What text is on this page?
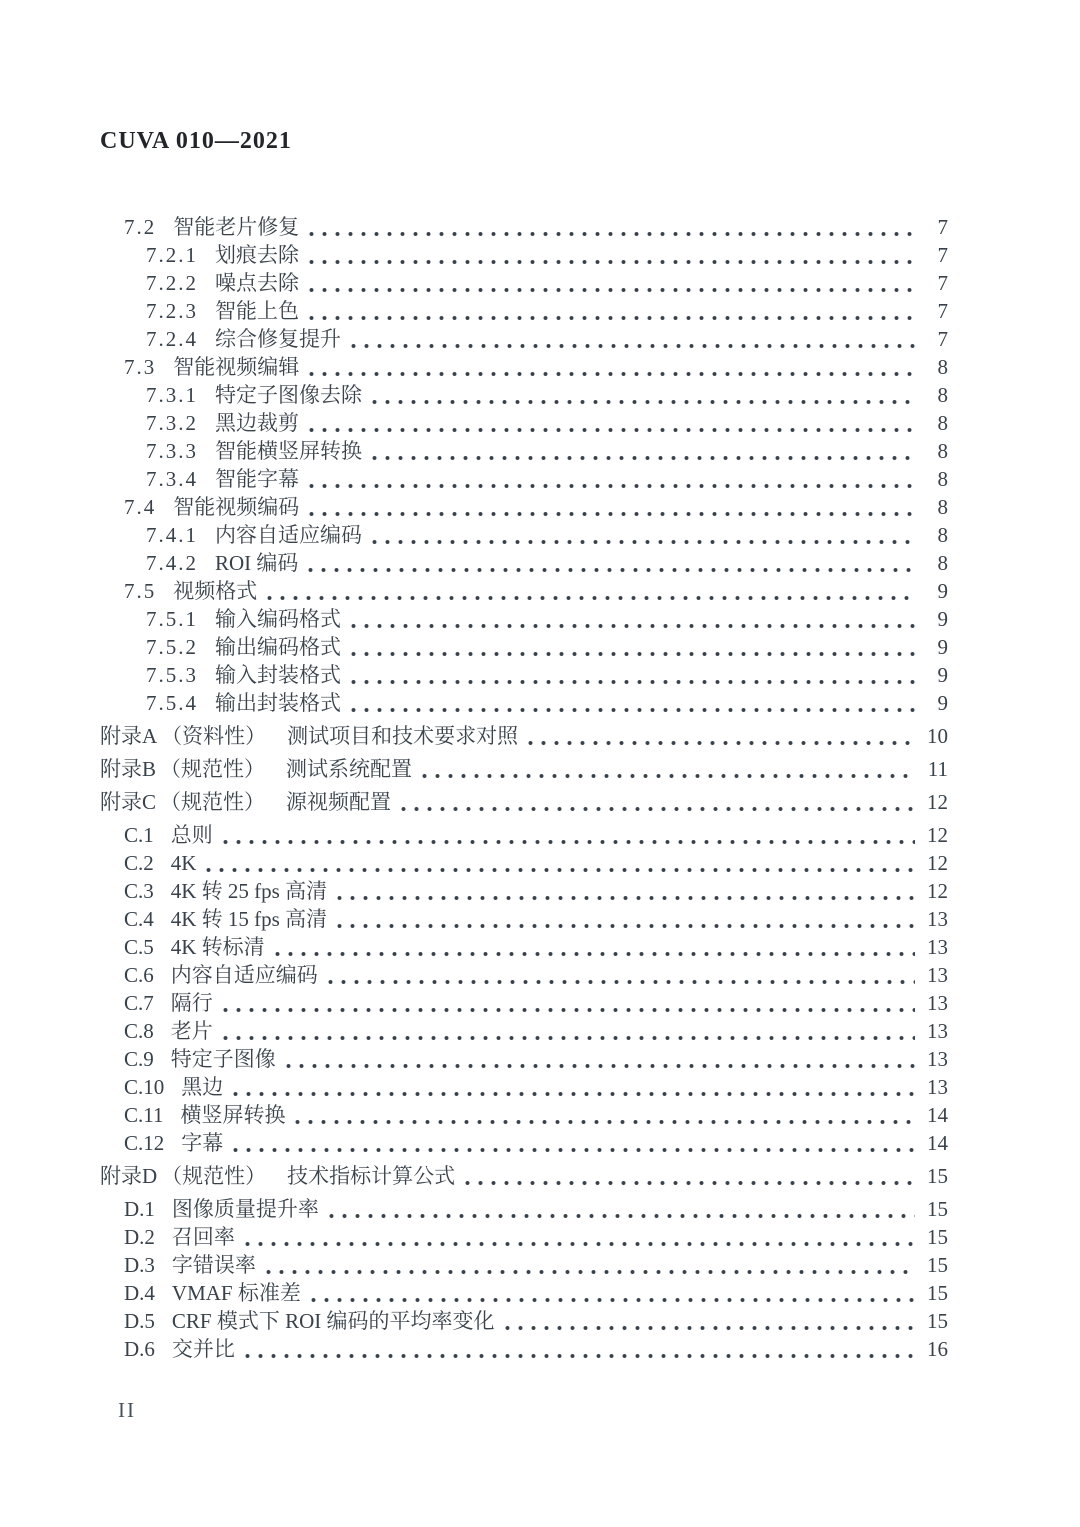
CUVA 010—2021
7.2 智能老片修复	7
7.2.1 划痕去除	7
7.2.2 噪点去除	7
7.2.3 智能上色	7
7.2.4 综合修复提升	7
7.3 智能视频编辑	8
7.3.1 特定子图像去除	8
7.3.2 黑边裁剪	8
7.3.3 智能横竖屏转换	8
7.3.4 智能字幕	8
7.4 智能视频编码	8
7.4.1 内容自适应编码	8
7.4.2 ROI 编码	8
7.5 视频格式	9
7.5.1 输入编码格式	9
7.5.2 输出编码格式	9
7.5.3 输入封装格式	9
7.5.4 输出封装格式	9
附录A （资料性） 测试项目和技术要求对照	10
附录B （规范性） 测试系统配置	11
附录C （规范性） 源视频配置	12
C.1 总则	12
C.2 4K	12
C.3 4K 转 25 fps 高清	12
C.4 4K 转 15 fps 高清	13
C.5 4K 转标清	13
C.6 内容自适应编码	13
C.7 隔行	13
C.8 老片	13
C.9 特定子图像	13
C.10 黑边	13
C.11 横竖屏转换	14
C.12 字幕	14
附录D （规范性） 技术指标计算公式	15
D.1 图像质量提升率	15
D.2 召回率	15
D.3 字错误率	15
D.4 VMAF 标准差	15
D.5 CRF 模式下 ROI 编码的平均率变化	15
D.6 交并比	16
II
